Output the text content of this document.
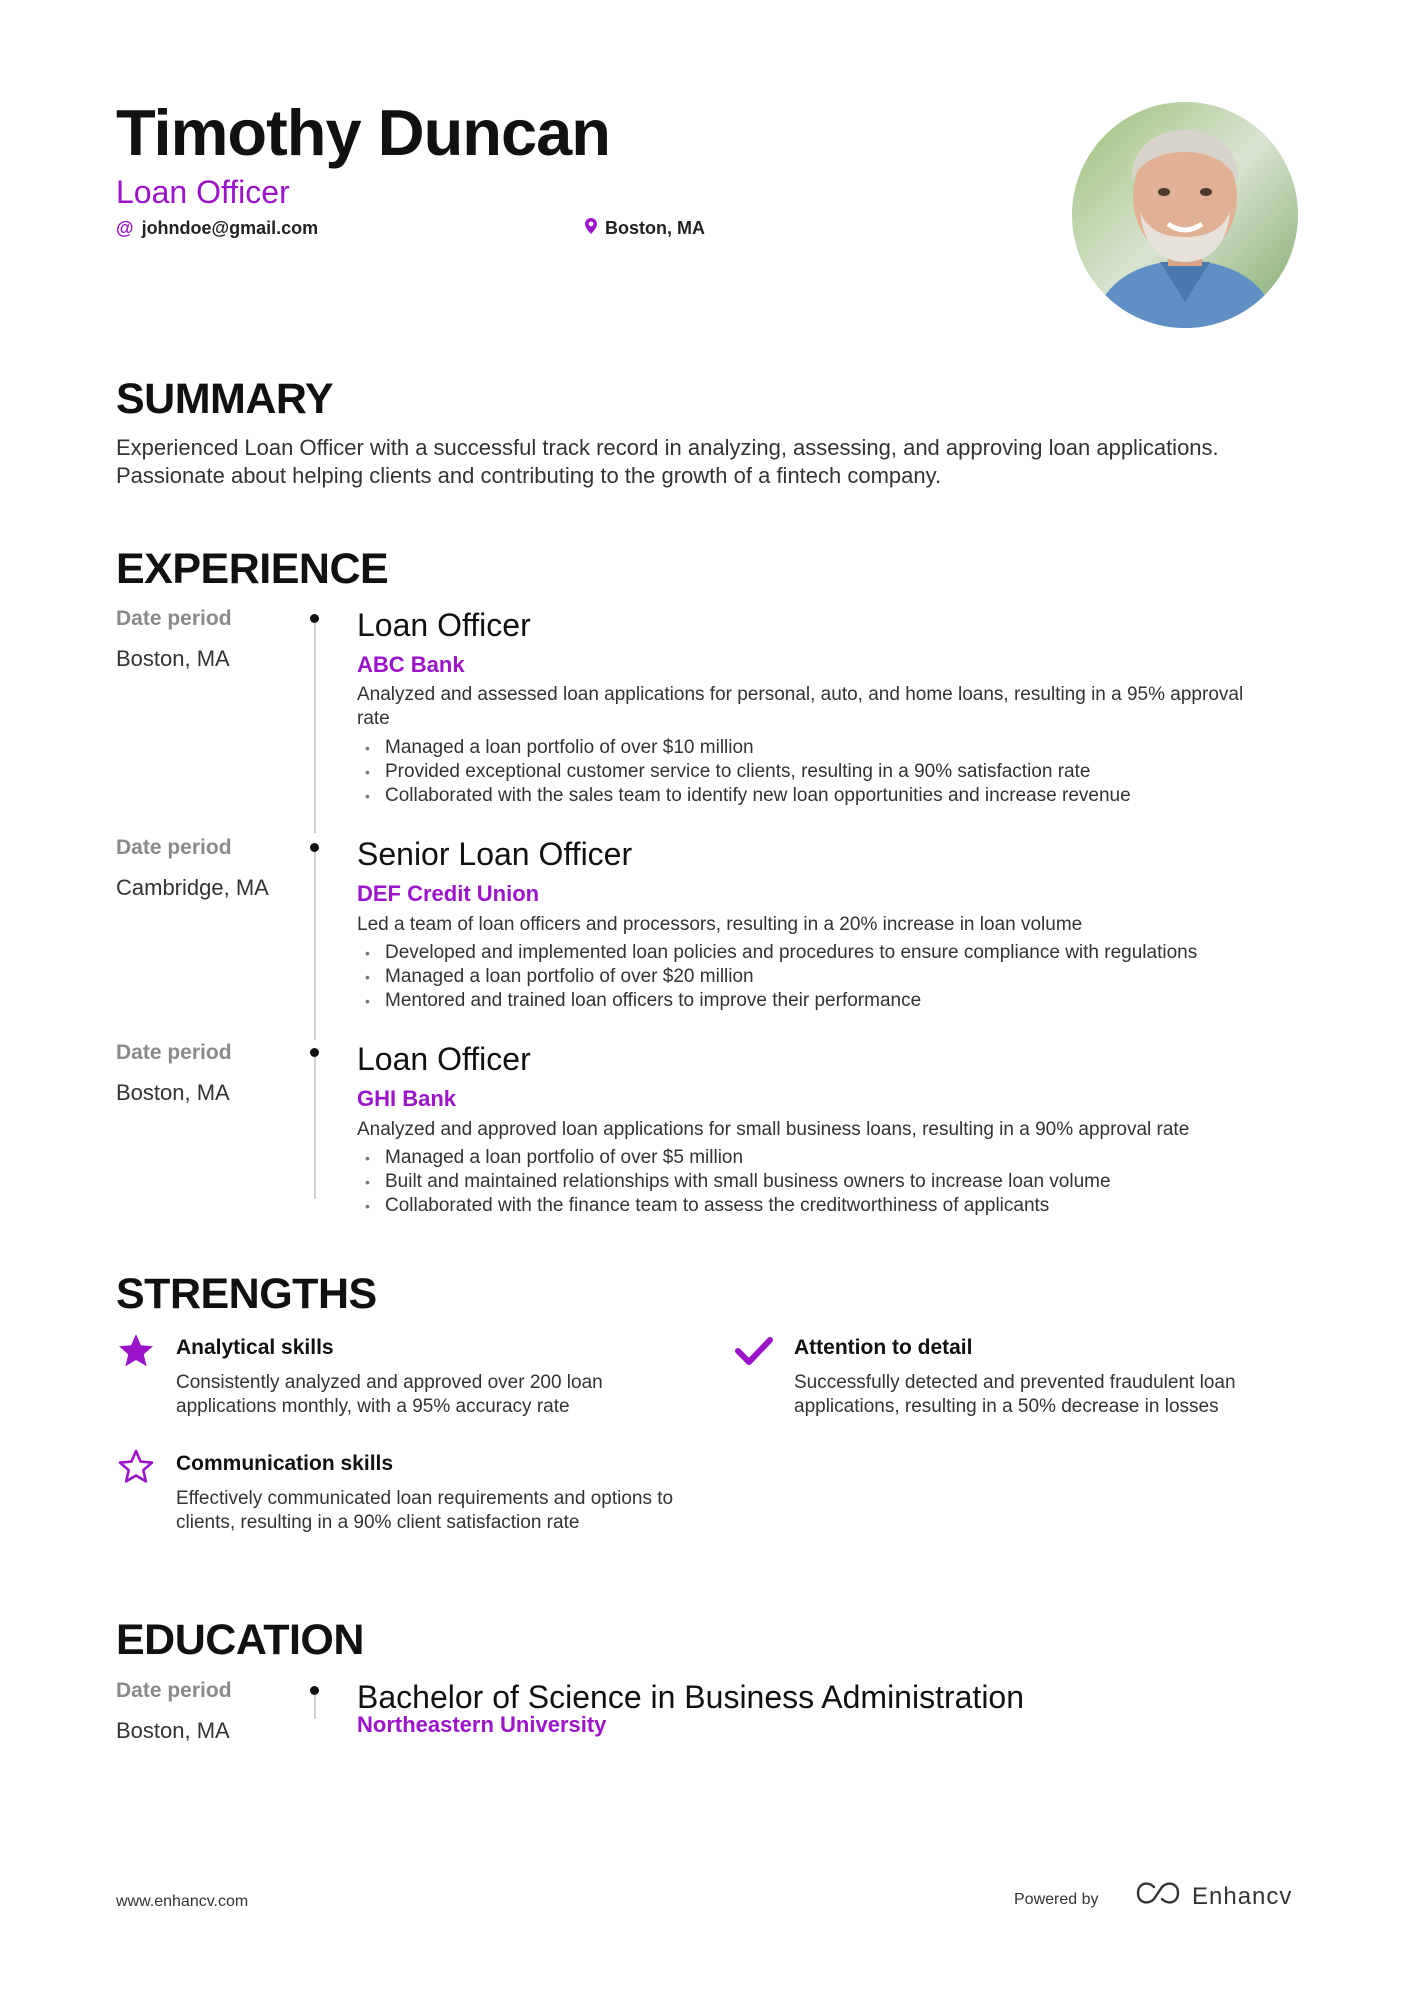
Timothy Duncan
Loan Officer
@ johndoe@gmail.com	Boston, MA
SUMMARY
Experienced Loan Officer with a successful track record in analyzing, assessing, and approving loan applications. Passionate about helping clients and contributing to the growth of a fintech company.
EXPERIENCE
Date period
Boston, MA
Loan Officer
ABC Bank
Analyzed and assessed loan applications for personal, auto, and home loans, resulting in a 95% approval rate
• Managed a loan portfolio of over $10 million
• Provided exceptional customer service to clients, resulting in a 90% satisfaction rate
• Collaborated with the sales team to identify new loan opportunities and increase revenue
Date period
Cambridge, MA
Senior Loan Officer
DEF Credit Union
Led a team of loan officers and processors, resulting in a 20% increase in loan volume
• Developed and implemented loan policies and procedures to ensure compliance with regulations
• Managed a loan portfolio of over $20 million
• Mentored and trained loan officers to improve their performance
Date period
Boston, MA
Loan Officer
GHI Bank
Analyzed and approved loan applications for small business loans, resulting in a 90% approval rate
• Managed a loan portfolio of over $5 million
• Built and maintained relationships with small business owners to increase loan volume
• Collaborated with the finance team to assess the creditworthiness of applicants
STRENGTHS
Analytical skills
Consistently analyzed and approved over 200 loan applications monthly, with a 95% accuracy rate
Attention to detail
Successfully detected and prevented fraudulent loan applications, resulting in a 50% decrease in losses
Communication skills
Effectively communicated loan requirements and options to clients, resulting in a 90% client satisfaction rate
EDUCATION
Date period
Boston, MA
Bachelor of Science in Business Administration
Northeastern University
www.enhancv.com	Powered by	Enhancv
